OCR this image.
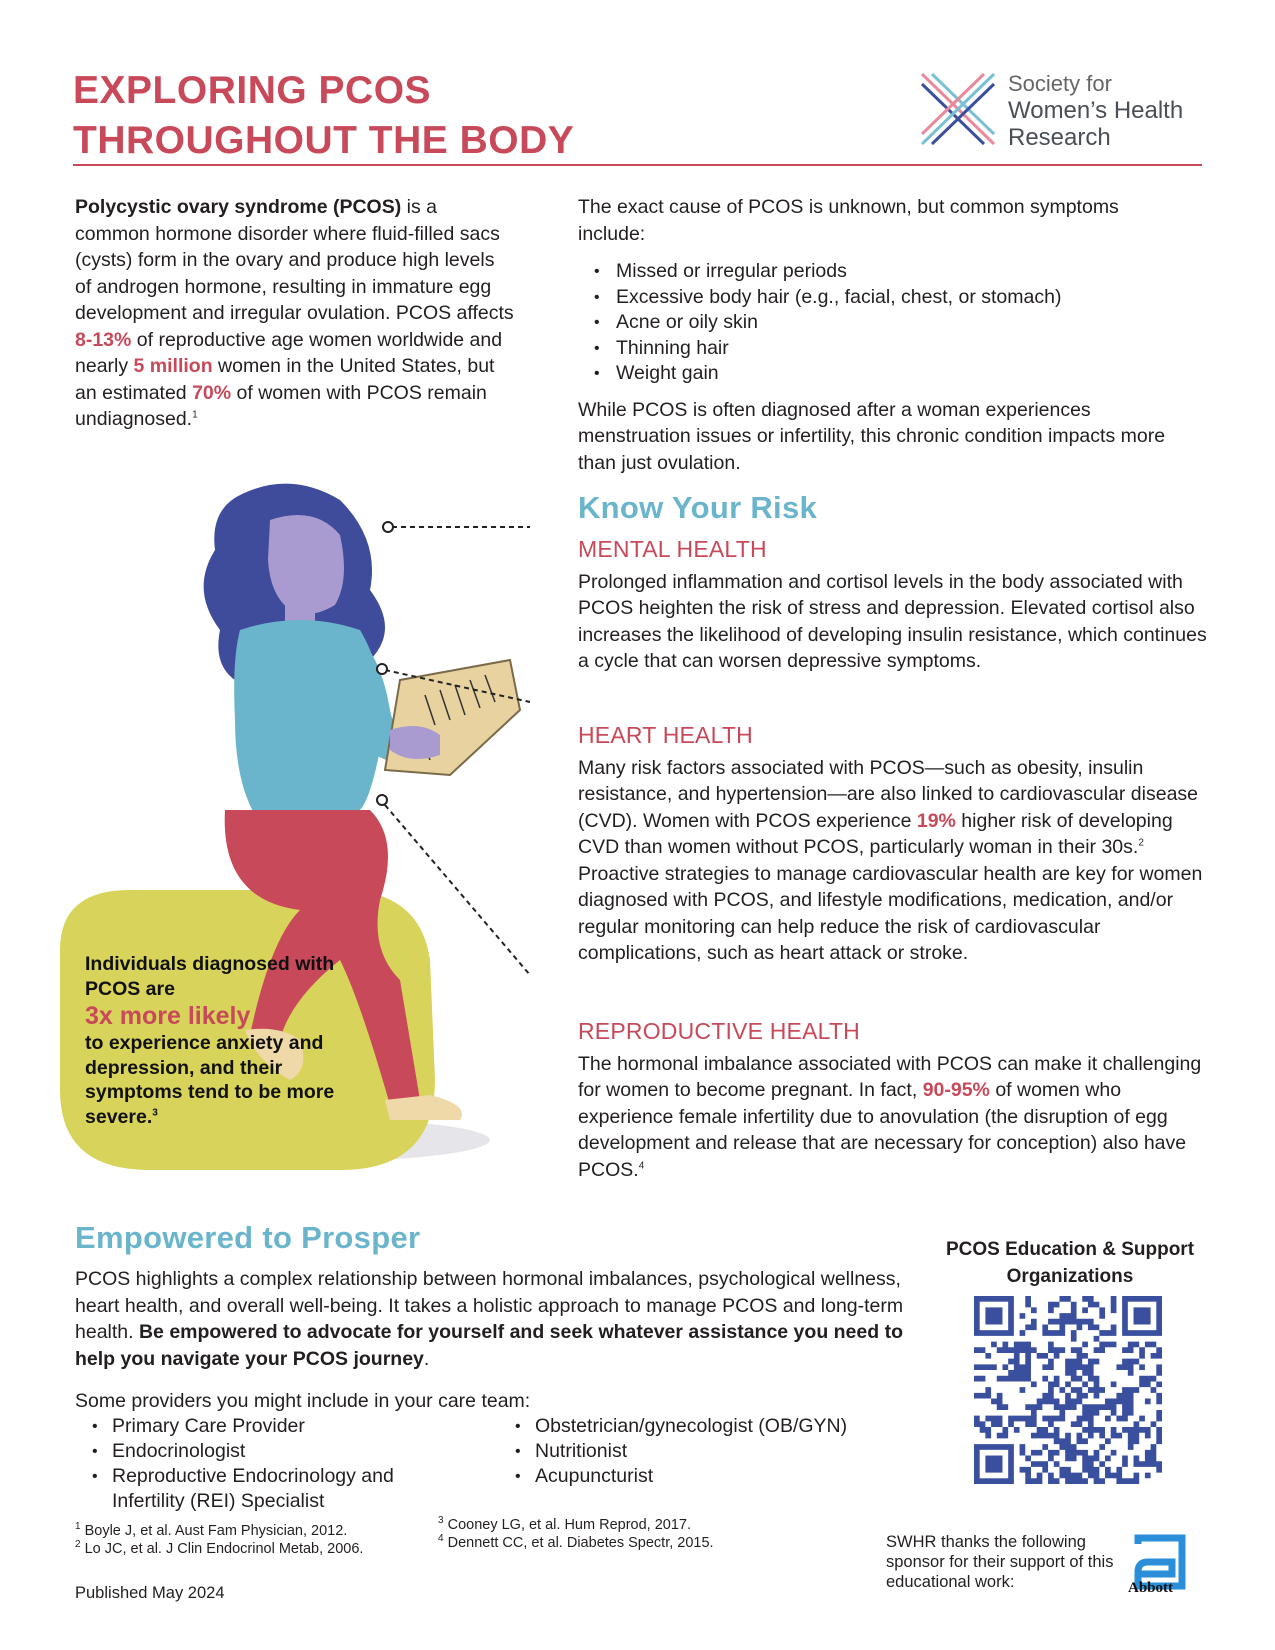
EXPLORING PCOS
THROUGHOUT THE BODY
Society for
Women’s Health
Research

Polycystic ovary syndrome (PCOS) is a common hormone disorder where fluid-filled sacs (cysts) form in the ovary and produce high levels of androgen hormone, resulting in immature egg development and irregular ovulation. PCOS affects 8-13% of reproductive age women worldwide and nearly 5 million women in the United States, but an estimated 70% of women with PCOS remain undiagnosed.$^1$

The exact cause of PCOS is unknown, but common symptoms include:

• Missed or irregular periods
• Excessive body hair (e.g., facial, chest, or stomach)
• Acne or oily skin
• Thinning hair
• Weight gain

While PCOS is often diagnosed after a woman experiences menstruation issues or infertility, this chronic condition impacts more than just ovulation.

Individuals diagnosed with PCOS are
3x more likely
to experience anxiety and depression, and their symptoms tend to be more severe.$^3$
Know Your Risk
MENTAL HEALTH

Prolonged inflammation and cortisol levels in the body associated with PCOS heighten the risk of stress and depression. Elevated cortisol also increases the likelihood of developing insulin resistance, which continues a cycle that can worsen depressive symptoms.

HEART HEALTH

Many risk factors associated with PCOS—such as obesity, insulin resistance, and hypertension—are also linked to cardiovascular disease (CVD). Women with PCOS experience 19% higher risk of developing CVD than women without PCOS, particularly woman in their 30s.$^2$ Proactive strategies to manage cardiovascular health are key for women diagnosed with PCOS, and lifestyle modifications, medication, and/or regular monitoring can help reduce the risk of cardiovascular complications, such as heart attack or stroke.

REPRODUCTIVE HEALTH

The hormonal imbalance associated with PCOS can make it challenging for women to become pregnant. In fact, 90-95% of women who experience female infertility due to anovulation (the disruption of egg development and release that are necessary for conception) also have PCOS.$^4$

Empowered to Prosper

PCOS highlights a complex relationship between hormonal imbalances, psychological wellness, heart health, and overall well-being. It takes a holistic approach to manage PCOS and long-term health. Be empowered to advocate for yourself and seek whatever assistance you need to help you navigate your PCOS journey.

Some providers you might include in your care team:

• Primary Care Provider
• Endocrinologist
• Reproductive Endocrinology and Infertility (REI) Specialist
• Obstetrician/gynecologist (OB/GYN)
• Nutritionist
• Acupuncturist
PCOS Education & Support Organizations
$^1$ Boyle J, et al. Aust Fam Physician, 2012.
$^2$ Lo JC, et al. J Clin Endocrinol Metab, 2006.
$^3$ Cooney LG, et al. Hum Reprod, 2017.
$^4$ Dennett CC, et al. Diabetes Spectr, 2015.
Published May 2024
SWHR thanks the following sponsor for their support of this educational work:	Abbott
